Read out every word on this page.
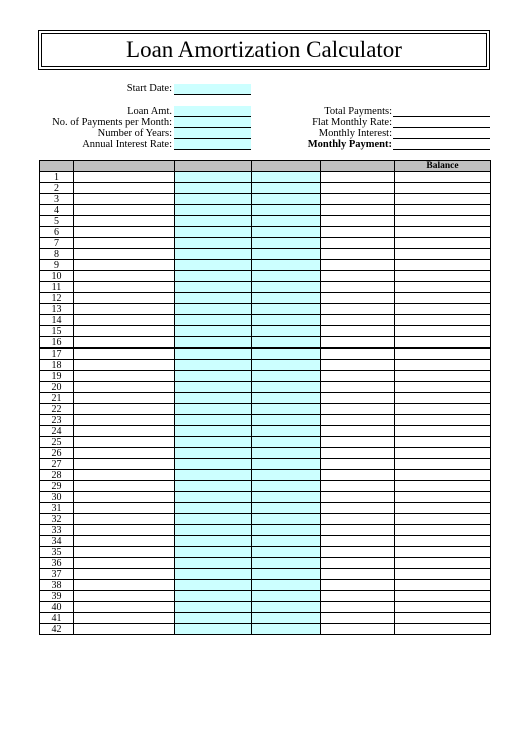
Loan Amortization Calculator
Start Date:
Loan Amt.
No. of Payments per Month:
Number of Years:
Annual Interest Rate:
Total Payments:
Flat Monthly Rate:
Monthly Interest:
Monthly Payment:
					Balance
1					
2					
3					
4					
5					
6					
7					
8					
9					
10					
11					
12					
13					
14					
15					
16					
17					
18					
19					
20					
21					
22					
23					
24					
25					
26					
27					
28					
29					
30					
31					
32					
33					
34					
35					
36					
37					
38					
39					
40					
41					
42					
